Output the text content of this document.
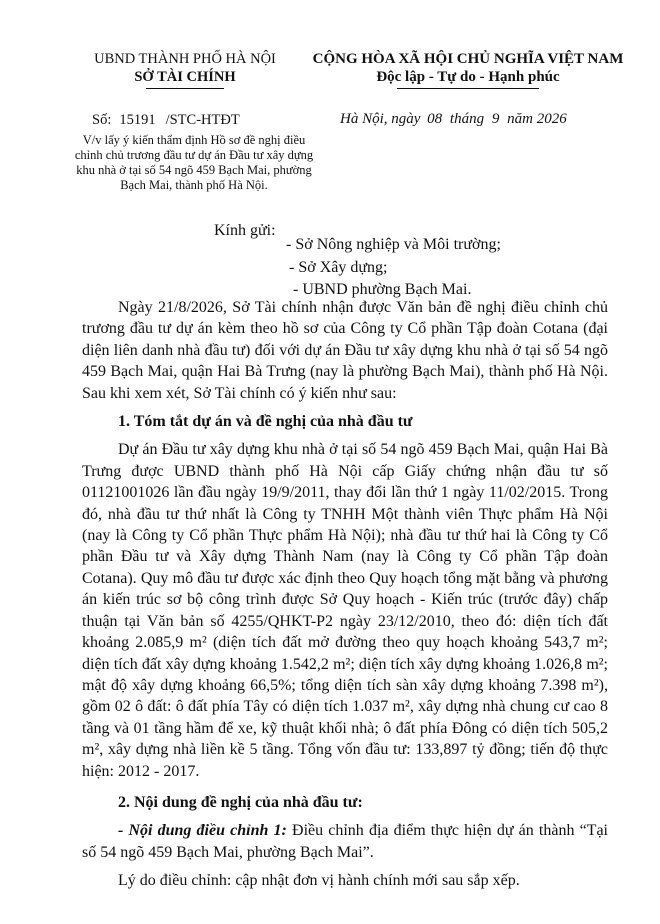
UBND THÀNH PHỐ HÀ NỘI
SỞ TÀI CHÍNH
CỘNG HÒA XÃ HỘI CHỦ NGHĨA VIỆT NAM
Độc lập - Tự do - Hạnh phúc
Số: 15191 /STC-HTĐT	Hà Nội, ngày 08 tháng 9 năm 2026
V/v lấy ý kiến thẩm định Hồ sơ đề nghị điều chỉnh chủ trương đầu tư dự án Đầu tư xây dựng khu nhà ở tại số 54 ngõ 459 Bạch Mai, phường Bạch Mai, thành phố Hà Nội.
Kính gửi:
- Sở Nông nghiệp và Môi trường;
- Sở Xây dựng;
- UBND phường Bạch Mai.

Ngày 21/8/2026, Sở Tài chính nhận được Văn bản đề nghị điều chỉnh chủ trương đầu tư dự án kèm theo hồ sơ của Công ty Cổ phần Tập đoàn Cotana (đại diện liên danh nhà đầu tư) đối với dự án Đầu tư xây dựng khu nhà ở tại số 54 ngõ 459 Bạch Mai, quận Hai Bà Trưng (nay là phường Bạch Mai), thành phố Hà Nội. Sau khi xem xét, Sở Tài chính có ý kiến như sau:

1. Tóm tắt dự án và đề nghị của nhà đầu tư

Dự án Đầu tư xây dựng khu nhà ở tại số 54 ngõ 459 Bạch Mai, quận Hai Bà Trưng được UBND thành phố Hà Nội cấp Giấy chứng nhận đầu tư số 01121001026 lần đầu ngày 19/9/2011, thay đổi lần thứ 1 ngày 11/02/2015. Trong đó, nhà đầu tư thứ nhất là Công ty TNHH Một thành viên Thực phẩm Hà Nội (nay là Công ty Cổ phần Thực phẩm Hà Nội); nhà đầu tư thứ hai là Công ty Cổ phần Đầu tư và Xây dựng Thành Nam (nay là Công ty Cổ phần Tập đoàn Cotana). Quy mô đầu tư được xác định theo Quy hoạch tổng mặt bằng và phương án kiến trúc sơ bộ công trình được Sở Quy hoạch - Kiến trúc (trước đây) chấp thuận tại Văn bản số 4255/QHKT-P2 ngày 23/12/2010, theo đó: diện tích đất khoảng 2.085,9 m² (diện tích đất mở đường theo quy hoạch khoảng 543,7 m²; diện tích đất xây dựng khoảng 1.542,2 m²; diện tích xây dựng khoảng 1.026,8 m²; mật độ xây dựng khoảng 66,5%; tổng diện tích sàn xây dựng khoảng 7.398 m²), gồm 02 ô đất: ô đất phía Tây có diện tích 1.037 m², xây dựng nhà chung cư cao 8 tầng và 01 tầng hầm để xe, kỹ thuật khối nhà; ô đất phía Đông có diện tích 505,2 m², xây dựng nhà liền kề 5 tầng. Tổng vốn đầu tư: 133,897 tỷ đồng; tiến độ thực hiện: 2012 - 2017.

2. Nội dung đề nghị của nhà đầu tư:

- Nội dung điều chỉnh 1: Điều chỉnh địa điểm thực hiện dự án thành “Tại số 54 ngõ 459 Bạch Mai, phường Bạch Mai”.

Lý do điều chỉnh: cập nhật đơn vị hành chính mới sau sắp xếp.
